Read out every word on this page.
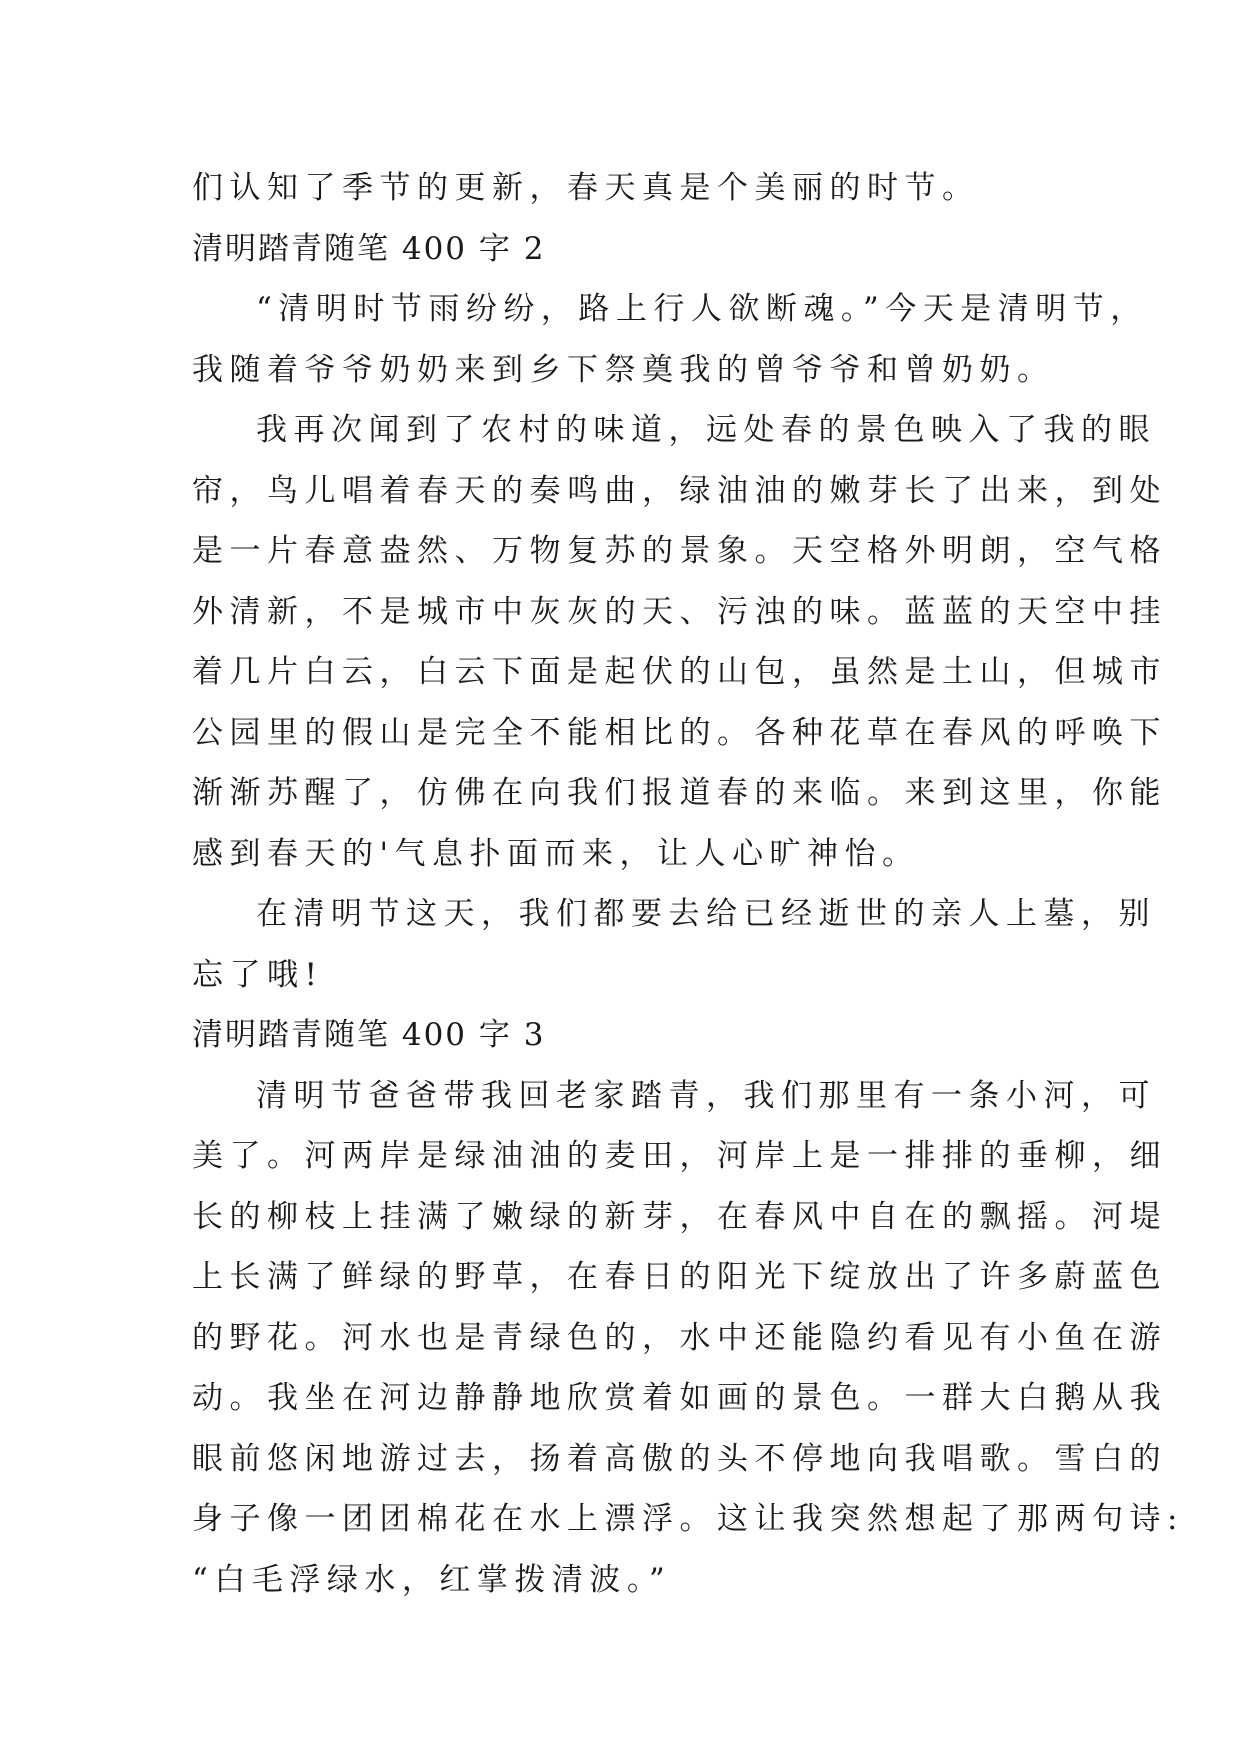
们认知了季节的更新，春天真是个美丽的时节。
清明踏青随笔 400 字 2
“清明时节雨纷纷，路上行人欲断魂。”今天是清明节，
我随着爷爷奶奶来到乡下祭奠我的曾爷爷和曾奶奶。
我再次闻到了农村的味道，远处春的景色映入了我的眼
帘，鸟儿唱着春天的奏鸣曲，绿油油的嫩芽长了出来，到处
是一片春意盎然、万物复苏的景象。天空格外明朗，空气格
外清新，不是城市中灰灰的天、污浊的味。蓝蓝的天空中挂
着几片白云，白云下面是起伏的山包，虽然是土山，但城市
公园里的假山是完全不能相比的。各种花草在春风的呼唤下
渐渐苏醒了，仿佛在向我们报道春的来临。来到这里，你能
感到春天的'气息扑面而来，让人心旷神怡。
在清明节这天，我们都要去给已经逝世的亲人上墓，别
忘了哦!
清明踏青随笔 400 字 3
清明节爸爸带我回老家踏青，我们那里有一条小河，可
美了。河两岸是绿油油的麦田，河岸上是一排排的垂柳，细
长的柳枝上挂满了嫩绿的新芽，在春风中自在的飘摇。河堤
上长满了鲜绿的野草，在春日的阳光下绽放出了许多蔚蓝色
的野花。河水也是青绿色的，水中还能隐约看见有小鱼在游
动。我坐在河边静静地欣赏着如画的景色。一群大白鹅从我
眼前悠闲地游过去，扬着高傲的头不停地向我唱歌。雪白的
身子像一团团棉花在水上漂浮。这让我突然想起了那两句诗:
“白毛浮绿水，红掌拨清波。”
